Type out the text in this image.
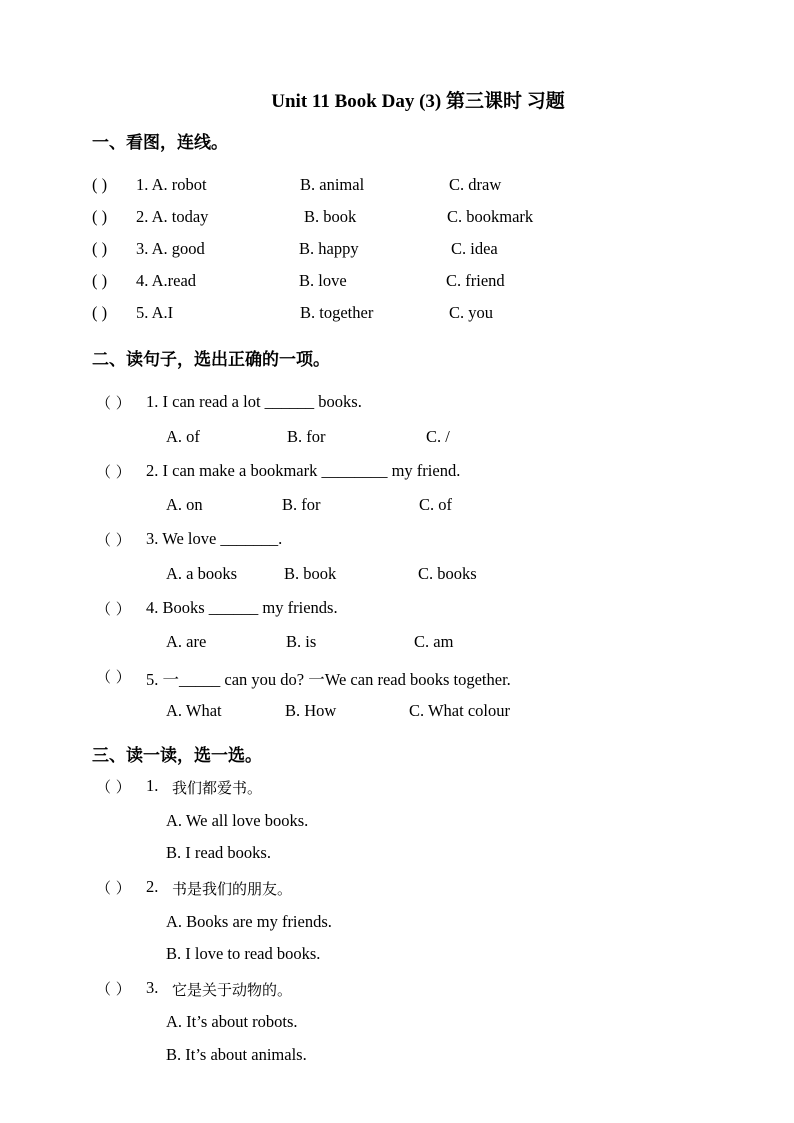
Unit 11 Book Day (3) 第三课时 习题
一、看图，连线。
( ) 1. A. robot	B. animal	C. draw
( ) 2. A. today	B. book	C. bookmark
( ) 3. A. good	B. happy	C. idea
( ) 4. A.read	B. love	C. friend
( ) 5. A.I	B. together	C. you
二、读句子，选出正确的一项。
（ ） 1. I can read a lot ______ books.
A. of	B. for	C. /
（ ） 2. I can make a bookmark ________ my friend.
A. on	B. for	C. of
（ ） 3. We love _______.
A. a books	B. book	C. books
（ ） 4. Books ______ my friends.
A. are	B. is	C. am
（ ） 5. 一_____ can you do? 一We can read books together.
A. What	B. How	C. What colour
三、读一读，选一选。
（ ） 1. 我们都爱书。
A. We all love books.
B. I read books.
（ ） 2. 书是我们的朋友。
A. Books are my friends.
B. I love to read books.
（ ） 3. 它是关于动物的。
A. It’s about robots.
B. It’s about animals.
